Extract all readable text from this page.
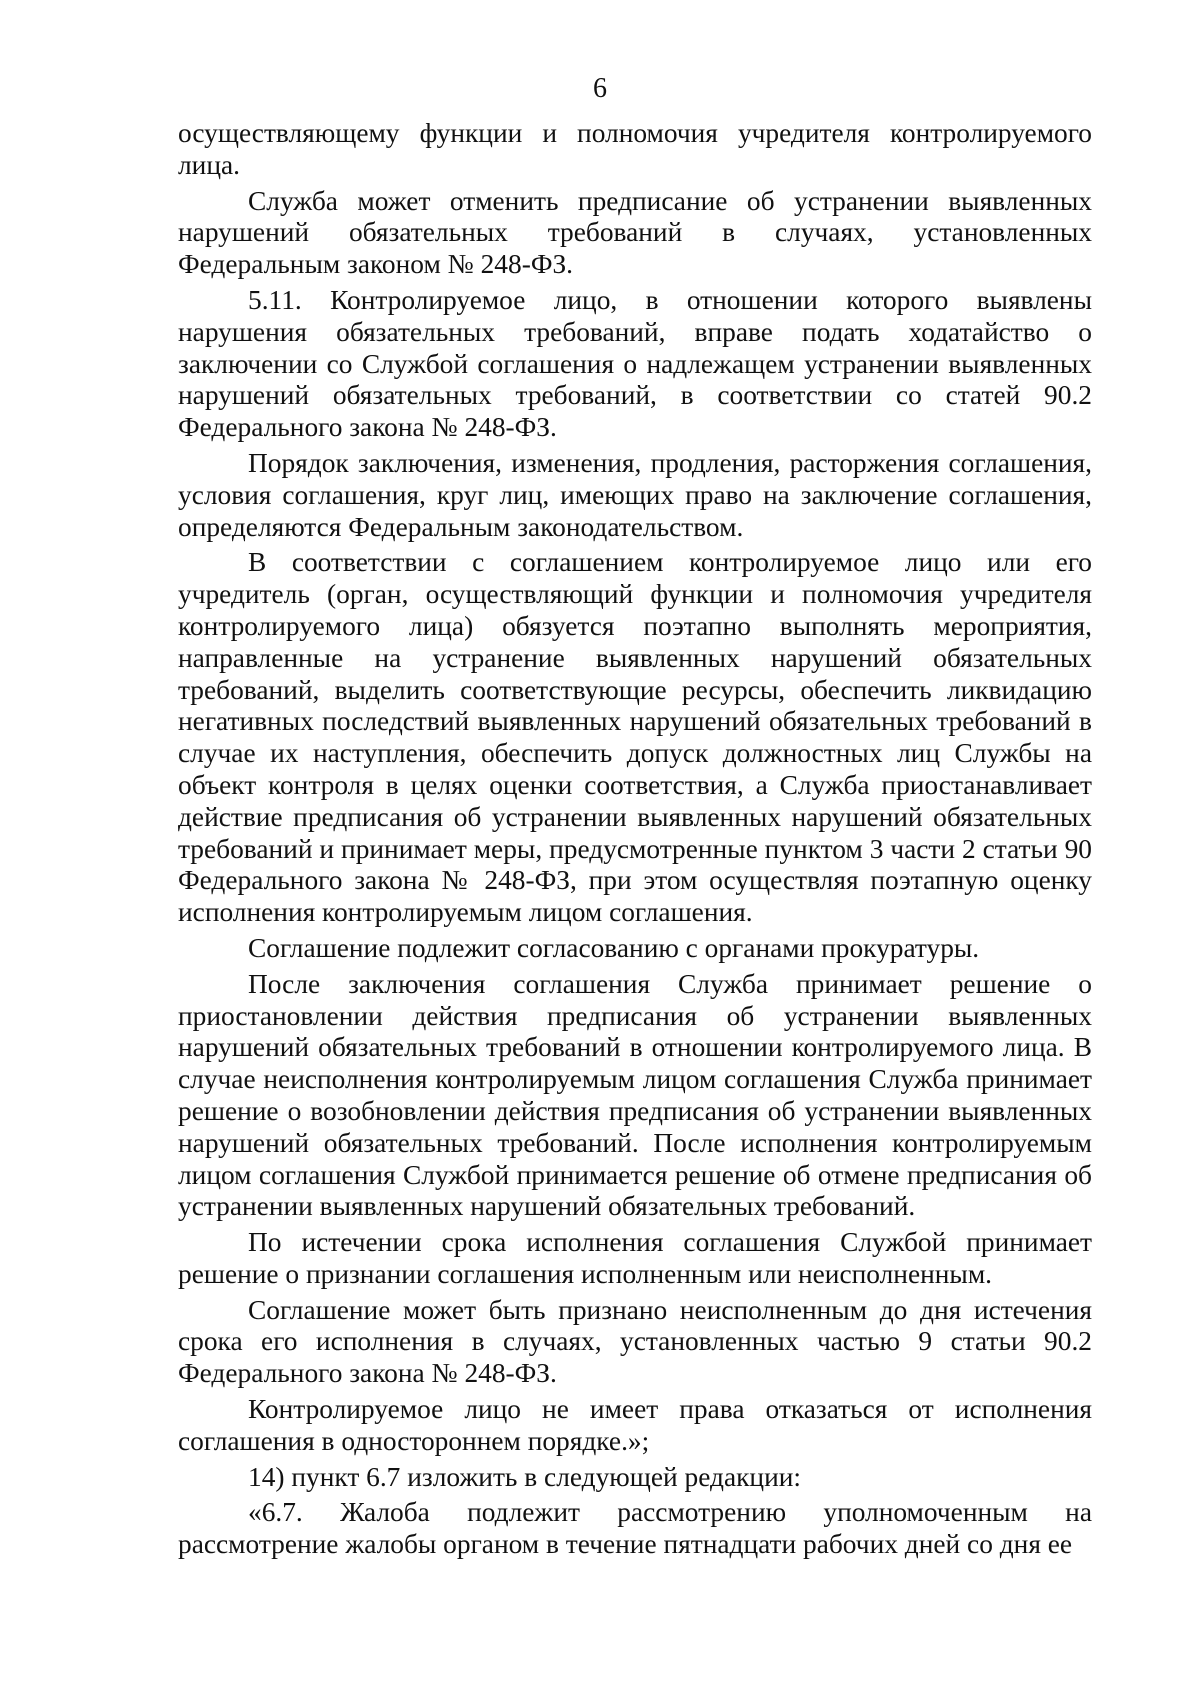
6

осуществляющему функции и полномочия учредителя контролируемого лица.

Служба может отменить предписание об устранении выявленных нарушений обязательных требований в случаях, установленных Федеральным законом № 248-ФЗ.

5.11. Контролируемое лицо, в отношении которого выявлены нарушения обязательных требований, вправе подать ходатайство о заключении со Службой соглашения о надлежащем устранении выявленных нарушений обязательных требований, в соответствии со статей 90.2 Федерального закона № 248-ФЗ.

Порядок заключения, изменения, продления, расторжения соглашения, условия соглашения, круг лиц, имеющих право на заключение соглашения, определяются Федеральным законодательством.

В соответствии с соглашением контролируемое лицо или его учредитель (орган, осуществляющий функции и полномочия учредителя контролируемого лица) обязуется поэтапно выполнять мероприятия, направленные на устранение выявленных нарушений обязательных требований, выделить соответствующие ресурсы, обеспечить ликвидацию негативных последствий выявленных нарушений обязательных требований в случае их наступления, обеспечить допуск должностных лиц Службы на объект контроля в целях оценки соответствия, а Служба приостанавливает действие предписания об устранении выявленных нарушений обязательных требований и принимает меры, предусмотренные пунктом 3 части 2 статьи 90 Федерального закона № 248-ФЗ, при этом осуществляя поэтапную оценку исполнения контролируемым лицом соглашения.

Соглашение подлежит согласованию с органами прокуратуры.

После заключения соглашения Служба принимает решение о приостановлении действия предписания об устранении выявленных нарушений обязательных требований в отношении контролируемого лица. В случае неисполнения контролируемым лицом соглашения Служба принимает решение о возобновлении действия предписания об устранении выявленных нарушений обязательных требований. После исполнения контролируемым лицом соглашения Службой принимается решение об отмене предписания об устранении выявленных нарушений обязательных требований.

По истечении срока исполнения соглашения Службой принимает решение о признании соглашения исполненным или неисполненным.

Соглашение может быть признано неисполненным до дня истечения срока его исполнения в случаях, установленных частью 9 статьи 90.2 Федерального закона № 248-ФЗ.

Контролируемое лицо не имеет права отказаться от исполнения соглашения в одностороннем порядке.»;

14) пункт 6.7 изложить в следующей редакции:

«6.7. Жалоба подлежит рассмотрению уполномоченным на рассмотрение жалобы органом в течение пятнадцати рабочих дней со дня ее
